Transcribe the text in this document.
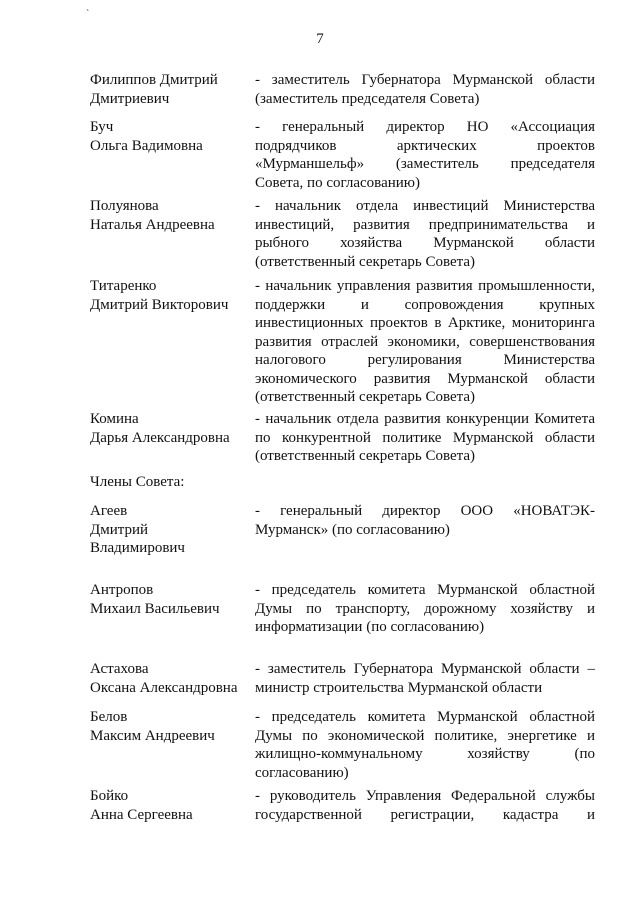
`
7
Филиппов Дмитрий
Дмитриевич
- заместитель Губернатора Мурманской области
(заместитель председателя Совета)
Буч
Ольга Вадимовна
- генеральный директор НО «Ассоциация
подрядчиков арктических проектов
«Мурманшельф» (заместитель председателя
Совета, по согласованию)
Полуянова
Наталья Андреевна
- начальник отдела инвестиций Министерства
инвестиций, развития предпринимательства и
рыбного хозяйства Мурманской области
(ответственный секретарь Совета)
Титаренко
Дмитрий Викторович
- начальник управления развития промышленности,
поддержки и сопровождения крупных
инвестиционных проектов в Арктике, мониторинга
развития отраслей экономики, совершенствования
налогового регулирования Министерства
экономического развития Мурманской области
(ответственный секретарь Совета)
Комина
Дарья Александровна
- начальник отдела развития конкуренции Комитета
по конкурентной политике Мурманской области
(ответственный секретарь Совета)
Члены Совета:
Агеев
Дмитрий
Владимирович
- генеральный директор ООО «НОВАТЭК-
Мурманск» (по согласованию)
Антропов
Михаил Васильевич
- председатель комитета Мурманской областной
Думы по транспорту, дорожному хозяйству и
информатизации (по согласованию)
Астахова
Оксана Александровна
- заместитель Губернатора Мурманской области –
министр строительства Мурманской области
Белов
Максим Андреевич
- председатель комитета Мурманской областной
Думы по экономической политике, энергетике и
жилищно-коммунальному хозяйству (по
согласованию)
Бойко
Анна Сергеевна
- руководитель Управления Федеральной службы
государственной регистрации, кадастра и
